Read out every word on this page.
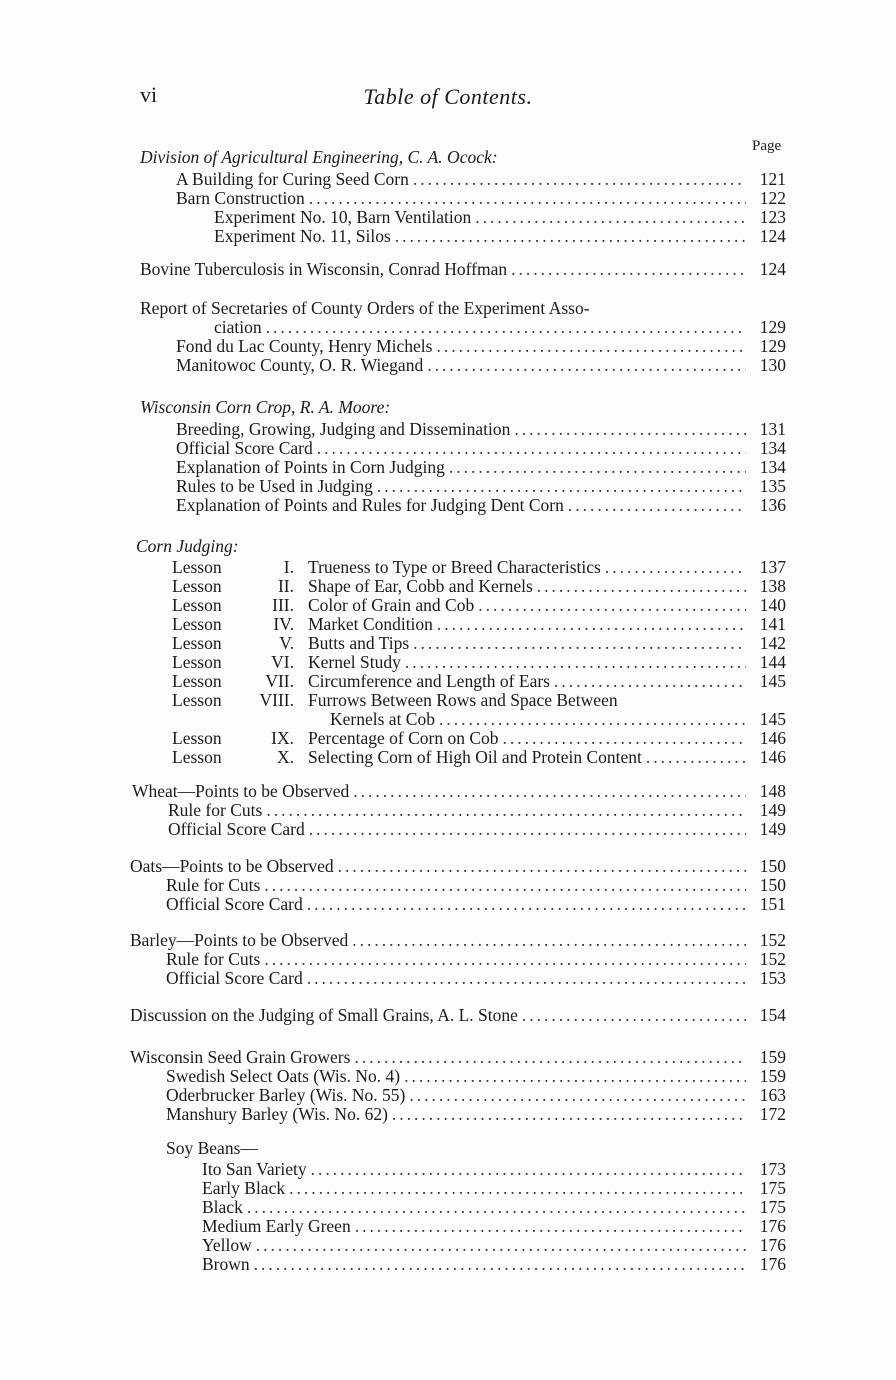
vi	Table of Contents.
Page
Division of Agricultural Engineering, C. A. Ocock:
A Building for Curing Seed Corn .....	121
Barn Construction .....	122
Experiment No. 10, Barn Ventilation .....	123
Experiment No. 11, Silos .....	124
Bovine Tuberculosis in Wisconsin, Conrad Hoffman .....	124
Report of Secretaries of County Orders of the Experiment Asso-
ciation .....	129
Fond du Lac County, Henry Michels .....	129
Manitowoc County, O. R. Wiegand .....	130
Wisconsin Corn Crop, R. A. Moore:
Breeding, Growing, Judging and Dissemination .....	131
Official Score Card .....	134
Explanation of Points in Corn Judging .....	134
Rules to be Used in Judging .....	135
Explanation of Points and Rules for Judging Dent Corn .....	136
Corn Judging:
Lesson	I. Trueness to Type or Breed Characteristics .....	137
Lesson	II. Shape of Ear, Cobb and Kernels .....	138
Lesson	III. Color of Grain and Cob .....	140
Lesson	IV. Market Condition .....	141
Lesson	V. Butts and Tips .....	142
Lesson	VI. Kernel Study .....	144
Lesson	VII. Circumference and Length of Ears .....	145
Lesson	VIII. Furrows Between Rows and Space Between
Kernels at Cob .....	145
Lesson	IX. Percentage of Corn on Cob .....	146
Lesson	X. Selecting Corn of High Oil and Protein Content .....	146
Wheat—Points to be Observed .....	148
Rule for Cuts .....	149
Official Score Card .....	149
Oats—Points to be Observed .....	150
Rule for Cuts .....	150
Official Score Card .....	151
Barley—Points to be Observed .....	152
Rule for Cuts .....	152
Official Score Card .....	153
Discussion on the Judging of Small Grains, A. L. Stone .....	154
Wisconsin Seed Grain Growers .....	159
Swedish Select Oats (Wis. No. 4) .....	159
Oderbrucker Barley (Wis. No. 55) .....	163
Manshury Barley (Wis. No. 62) .....	172
Soy Beans—
Ito San Variety .....	173
Early Black .....	175
Black .....	175
Medium Early Green .....	176
Yellow .....	176
Brown .....	176
